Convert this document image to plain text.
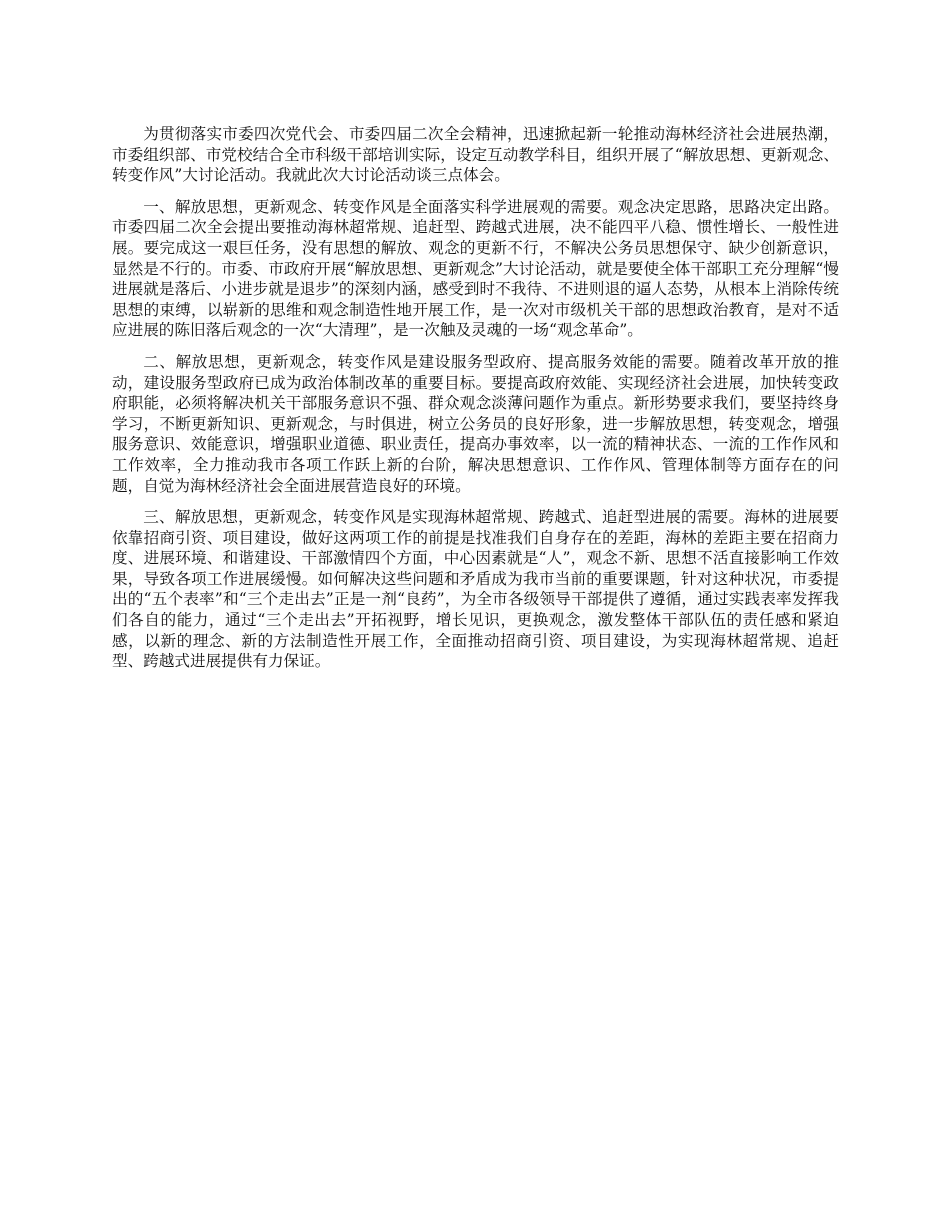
为贯彻落实市委四次党代会、市委四届二次全会精神，迅速掀起新一轮推动海林经济社会进展热潮，市委组织部、市党校结合全市科级干部培训实际，设定互动教学科目，组织开展了“解放思想、更新观念、转变作风”大讨论活动。我就此次大讨论活动谈三点体会。

一、解放思想，更新观念、转变作风是全面落实科学进展观的需要。观念决定思路，思路决定出路。市委四届二次全会提出要推动海林超常规、追赶型、跨越式进展，决不能四平八稳、惯性增长、一般性进展。要完成这一艰巨任务，没有思想的解放、观念的更新不行，不解决公务员思想保守、缺少创新意识，显然是不行的。市委、市政府开展“解放思想、更新观念”大讨论活动，就是要使全体干部职工充分理解“慢进展就是落后、小进步就是退步”的深刻内涵，感受到时不我待、不进则退的逼人态势，从根本上消除传统思想的束缚，以崭新的思维和观念制造性地开展工作，是一次对市级机关干部的思想政治教育，是对不适应进展的陈旧落后观念的一次“大清理”，是一次触及灵魂的一场“观念革命”。

二、解放思想，更新观念，转变作风是建设服务型政府、提高服务效能的需要。随着改革开放的推动，建设服务型政府已成为政治体制改革的重要目标。要提高政府效能、实现经济社会进展，加快转变政府职能，必须将解决机关干部服务意识不强、群众观念淡薄问题作为重点。新形势要求我们，要坚持终身学习，不断更新知识、更新观念，与时俱进，树立公务员的良好形象，进一步解放思想，转变观念，增强服务意识、效能意识，增强职业道德、职业责任，提高办事效率，以一流的精神状态、一流的工作作风和工作效率，全力推动我市各项工作跃上新的台阶，解决思想意识、工作作风、管理体制等方面存在的问题，自觉为海林经济社会全面进展营造良好的环境。

三、解放思想，更新观念，转变作风是实现海林超常规、跨越式、追赶型进展的需要。海林的进展要依靠招商引资、项目建设，做好这两项工作的前提是找准我们自身存在的差距，海林的差距主要在招商力度、进展环境、和谐建设、干部激情四个方面，中心因素就是“人”，观念不新、思想不活直接影响工作效果，导致各项工作进展缓慢。如何解决这些问题和矛盾成为我市当前的重要课题，针对这种状况，市委提出的“五个表率”和“三个走出去”正是一剂“良药”，为全市各级领导干部提供了遵循，通过实践表率发挥我们各自的能力，通过“三个走出去”开拓视野，增长见识，更换观念，激发整体干部队伍的责任感和紧迫感，以新的理念、新的方法制造性开展工作，全面推动招商引资、项目建设，为实现海林超常规、追赶型、跨越式进展提供有力保证。
